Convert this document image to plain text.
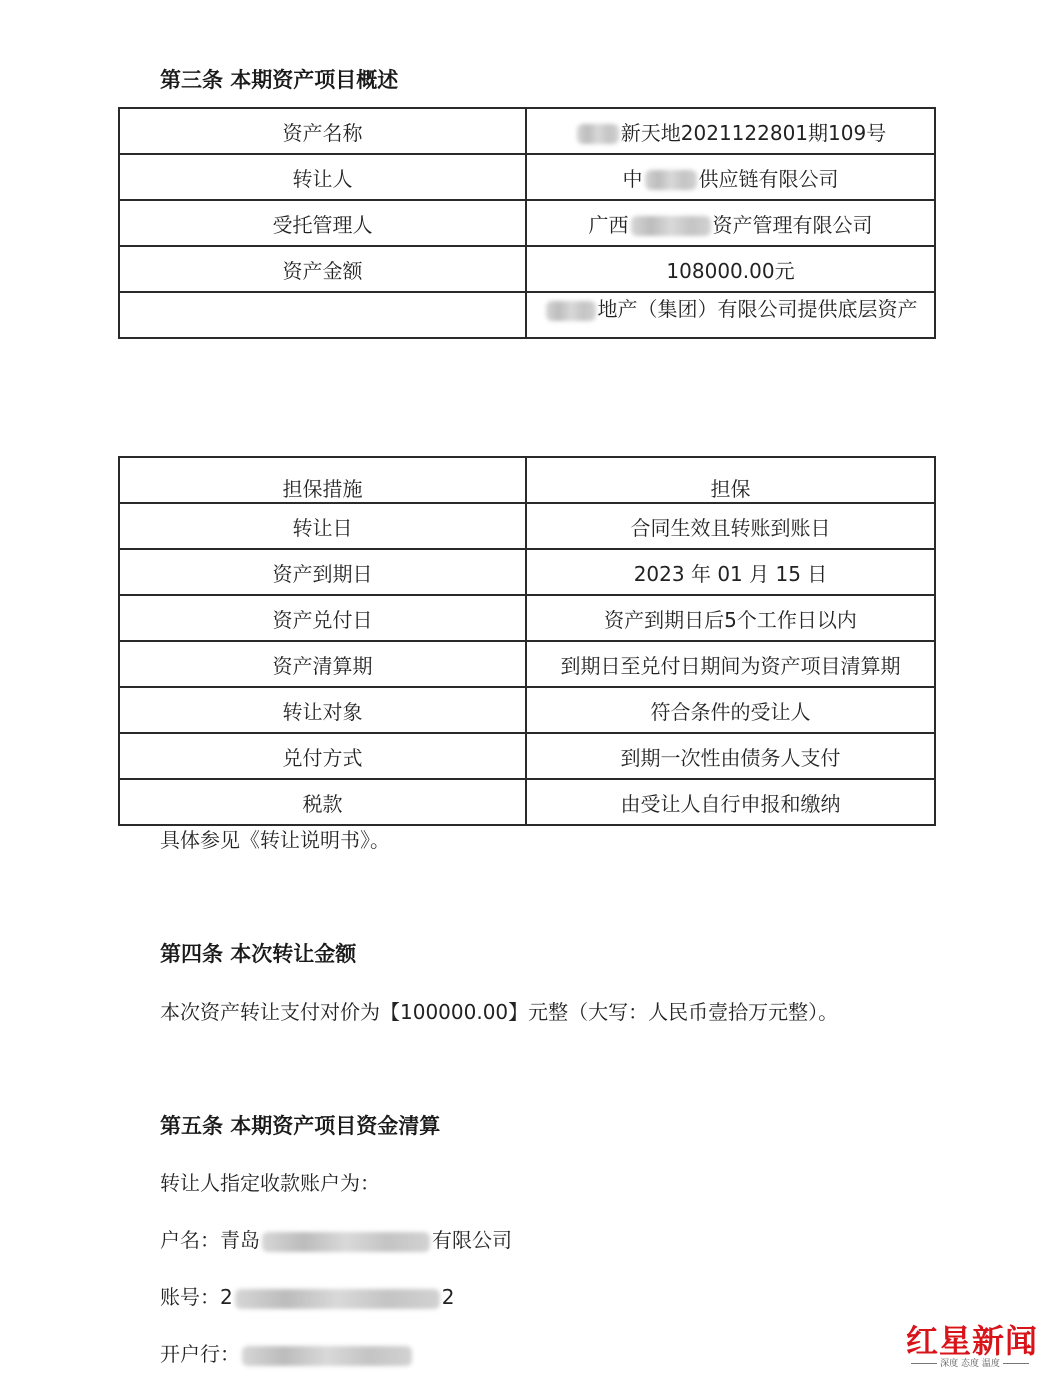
第三条 本期资产项目概述
资产名称	新天地2021122801期109号
转让人	中 供应链有限公司
受托管理人	广西 资产管理有限公司
资产金额	108000.00元
	地产（集团）有限公司提供底层资产
担保措施	担保
转让日	合同生效且转账到账日
资产到期日	2023 年 01 月 15 日
资产兑付日	资产到期日后5个工作日以内
资产清算期	到期日至兑付日期间为资产项目清算期
转让对象	符合条件的受让人
兑付方式	到期一次性由债务人支付
税款	由受让人自行申报和缴纳
具体参见《转让说明书》。
第四条 本次转让金额
本次资产转让支付对价为【100000.00】元整（大写：人民币壹拾万元整）。
第五条 本期资产项目资金清算
转让人指定收款账户为：
户名：青岛	有限公司
账号：2	2
开户行：	红星新闻
深度 态度 温度
